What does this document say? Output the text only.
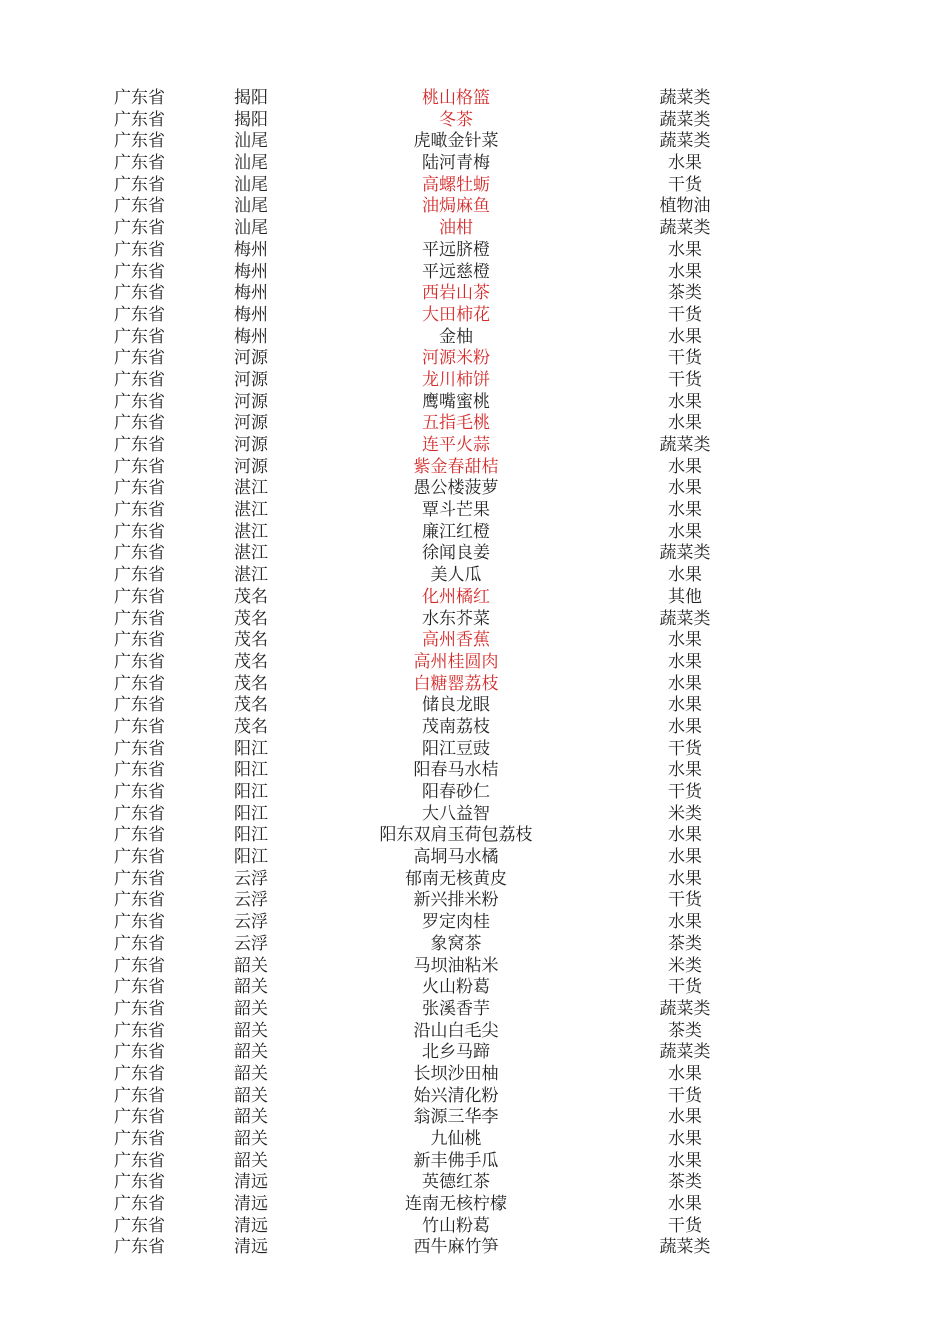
广东省	揭阳	桃山格篮	蔬菜类
广东省	揭阳	冬茶	蔬菜类
广东省	汕尾	虎噉金针菜	蔬菜类
广东省	汕尾	陆河青梅	水果
广东省	汕尾	高螺牡蛎	干货
广东省	汕尾	油焗麻鱼	植物油
广东省	汕尾	油柑	蔬菜类
广东省	梅州	平远脐橙	水果
广东省	梅州	平远慈橙	水果
广东省	梅州	西岩山茶	茶类
广东省	梅州	大田柿花	干货
广东省	梅州	金柚	水果
广东省	河源	河源米粉	干货
广东省	河源	龙川柿饼	干货
广东省	河源	鹰嘴蜜桃	水果
广东省	河源	五指毛桃	水果
广东省	河源	连平火蒜	蔬菜类
广东省	河源	紫金春甜桔	水果
广东省	湛江	愚公楼菠萝	水果
广东省	湛江	覃斗芒果	水果
广东省	湛江	廉江红橙	水果
广东省	湛江	徐闻良姜	蔬菜类
广东省	湛江	美人瓜	水果
广东省	茂名	化州橘红	其他
广东省	茂名	水东芥菜	蔬菜类
广东省	茂名	高州香蕉	水果
广东省	茂名	高州桂圆肉	水果
广东省	茂名	白糖罂荔枝	水果
广东省	茂名	储良龙眼	水果
广东省	茂名	茂南荔枝	水果
广东省	阳江	阳江豆豉	干货
广东省	阳江	阳春马水桔	水果
广东省	阳江	阳春砂仁	干货
广东省	阳江	大八益智	米类
广东省	阳江	阳东双肩玉荷包荔枝	水果
广东省	阳江	高垌马水橘	水果
广东省	云浮	郁南无核黄皮	水果
广东省	云浮	新兴排米粉	干货
广东省	云浮	罗定肉桂	水果
广东省	云浮	象窝茶	茶类
广东省	韶关	马坝油粘米	米类
广东省	韶关	火山粉葛	干货
广东省	韶关	张溪香芋	蔬菜类
广东省	韶关	沿山白毛尖	茶类
广东省	韶关	北乡马蹄	蔬菜类
广东省	韶关	长坝沙田柚	水果
广东省	韶关	始兴清化粉	干货
广东省	韶关	翁源三华李	水果
广东省	韶关	九仙桃	水果
广东省	韶关	新丰佛手瓜	水果
广东省	清远	英德红茶	茶类
广东省	清远	连南无核柠檬	水果
广东省	清远	竹山粉葛	干货
广东省	清远	西牛麻竹笋	蔬菜类
